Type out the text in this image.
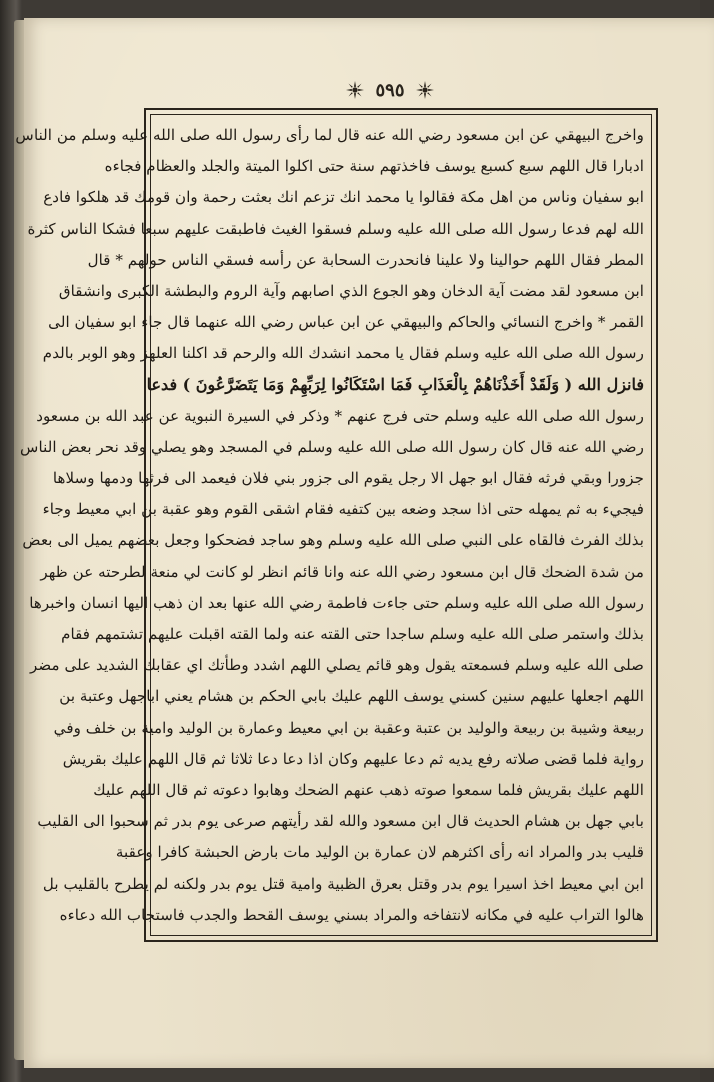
٥٩٥
واخرج البيهقي عن ابن مسعود رضي الله عنه قال لما رأى رسول الله صلى الله عليه وسلم من الناس
ادبارا قال اللهم سبع كسبع يوسف فاخذتهم سنة حتى اكلوا الميتة والجلد والعظام فجاءه
ابو سفيان وناس من اهل مكة فقالوا يا محمد انك تزعم انك بعثت رحمة وان قومك قد هلكوا فادع
الله لهم فدعا رسول الله صلى الله عليه وسلم فسقوا الغيث فاطبقت عليهم سبعا فشكا الناس كثرة
المطر فقال اللهم حوالينا ولا علينا فانحدرت السحابة عن رأسه فسقي الناس حولهم * قال
ابن مسعود لقد مضت آية الدخان وهو الجوع الذي اصابهم وآية الروم والبطشة الكبرى وانشقاق
القمر * واخرج النسائي والحاكم والبيهقي عن ابن عباس رضي الله عنهما قال جاء ابو سفيان الى
رسول الله صلى الله عليه وسلم فقال يا محمد انشدك الله والرحم قد اكلنا العلهز وهو الوبر بالدم
فانزل الله ( وَلَقَدْ أَخَذْنَاهُمْ بِالْعَذَابِ فَمَا اسْتَكَانُوا لِرَبِّهِمْ وَمَا يَتَضَرَّعُونَ ) فدعا
رسول الله صلى الله عليه وسلم حتى فرج عنهم * وذكر في السيرة النبوية عن عبد الله بن مسعود
رضي الله عنه قال كان رسول الله صلى الله عليه وسلم في المسجد وهو يصلي وقد نحر بعض الناس
جزورا وبقي فرثه فقال ابو جهل الا رجل يقوم الى جزور بني فلان فيعمد الى فرثها ودمها وسلاها
فيجيء به ثم يمهله حتى اذا سجد وضعه بين كتفيه فقام اشقى القوم وهو عقبة بن ابي معيط وجاء
بذلك الفرث فالقاه على النبي صلى الله عليه وسلم وهو ساجد فضحكوا وجعل بعضهم يميل الى بعض
من شدة الضحك قال ابن مسعود رضي الله عنه وانا قائم انظر لو كانت لي منعة لطرحته عن ظهر
رسول الله صلى الله عليه وسلم حتى جاءت فاطمة رضي الله عنها بعد ان ذهب اليها انسان واخبرها
بذلك واستمر صلى الله عليه وسلم ساجدا حتى القته عنه ولما القته اقبلت عليهم تشتمهم فقام
صلى الله عليه وسلم فسمعته يقول وهو قائم يصلي اللهم اشدد وطأتك اي عقابك الشديد على مضر
اللهم اجعلها عليهم سنين كسني يوسف اللهم عليك بابي الحكم بن هشام يعني اباجهل وعتبة بن
ربيعة وشيبة بن ربيعة والوليد بن عتبة وعقبة بن ابي معيط وعمارة بن الوليد وامية بن خلف وفي
رواية فلما قضى صلاته رفع يديه ثم دعا عليهم وكان اذا دعا دعا ثلاثا ثم قال اللهم عليك بقريش
اللهم عليك بقريش فلما سمعوا صوته ذهب عنهم الضحك وهابوا دعوته ثم قال اللهم عليك
بابي جهل بن هشام الحديث قال ابن مسعود والله لقد رأيتهم صرعى يوم بدر ثم سحبوا الى القليب
قليب بدر والمراد انه رأى اكثرهم لان عمارة بن الوليد مات بارض الحبشة كافرا وعقبة
ابن ابي معيط اخذ اسيرا يوم بدر وقتل بعرق الظبية وامية قتل يوم بدر ولكنه لم يطرح بالقليب بل
هالوا التراب عليه في مكانه لانتفاخه والمراد بسني يوسف القحط والجدب فاستجاب الله دعاءه
